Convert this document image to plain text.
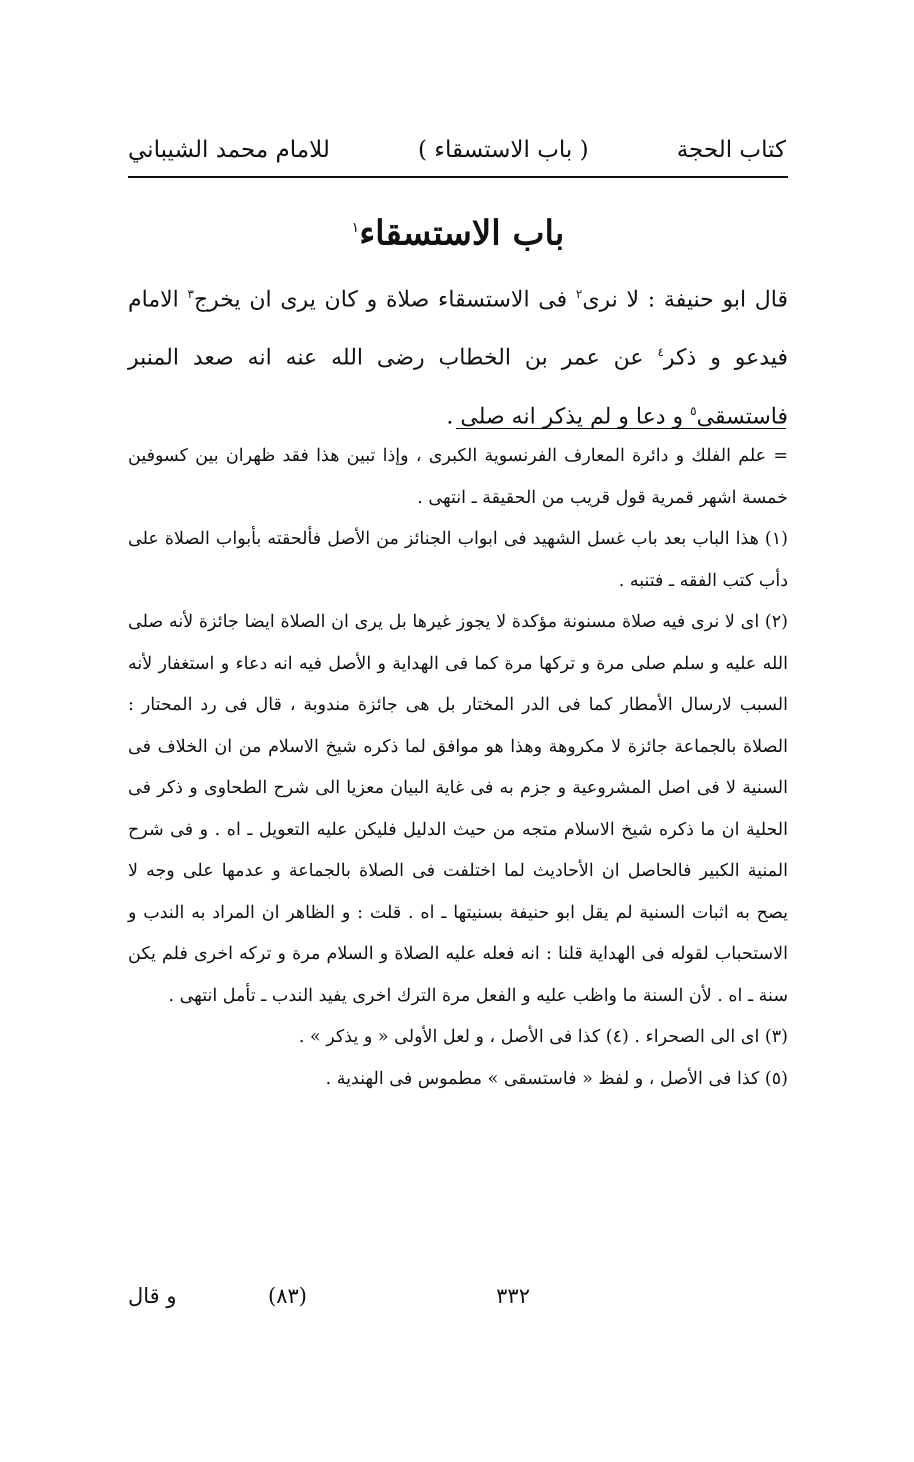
كتاب الحجة
( باب الاستسقاء )
للامام محمد الشيباني
باب الاستسقاء$^١$

قال ابو حنيفة : لا نرى$^٢$ فى الاستسقاء صلاة و كان يرى ان يخرج$^٣$ الامام فيدعو و ذكر$^٤$ عن عمر بن الخطاب رضى الله عنه انه صعد المنبر فاستسقى$^٥$ و دعا و لم يذكر انه صلى .

= علم الفلك و دائرة المعارف الفرنسوية الكبرى ، وإذا تبين هذا فقد ظهران بين كسوفين خمسة اشهر قمرية قول قريب من الحقيقة ـ انتهى .

(١) هذا الباب بعد باب غسل الشهيد فى ابواب الجنائز من الأصل فألحقته بأبواب الصلاة على دأب كتب الفقه ـ فتنبه .

(٢) اى لا نرى فيه صلاة مسنونة مؤكدة لا يجوز غيرها بل يرى ان الصلاة ايضا جائزة لأنه صلى الله عليه و سلم صلى مرة و تركها مرة كما فى الهداية و الأصل فيه انه دعاء و استغفار لأنه السبب لارسال الأمطار كما فى الدر المختار بل هى جائزة مندوبة ، قال فى رد المحتار : الصلاة بالجماعة جائزة لا مكروهة وهذا هو موافق لما ذكره شيخ الاسلام من ان الخلاف فى السنية لا فى اصل المشروعية و جزم به فى غاية البيان معزيا الى شرح الطحاوى و ذكر فى الحلية ان ما ذكره شيخ الاسلام متجه من حيث الدليل فليكن عليه التعويل ـ اه . و فى شرح المنية الكبير فالحاصل ان الأحاديث لما اختلفت فى الصلاة بالجماعة و عدمها على وجه لا يصح به اثبات السنية لم يقل ابو حنيفة بسنيتها ـ اه . قلت : و الظاهر ان المراد به الندب و الاستحباب لقوله فى الهداية قلنا : انه فعله عليه الصلاة و السلام مرة و تركه اخرى فلم يكن سنة ـ اه . لأن السنة ما واظب عليه و الفعل مرة الترك اخرى يفيد الندب ـ تأمل انتهى .

(٣) اى الى الصحراء . (٤) كذا فى الأصل ، و لعل الأولى « و يذكر » .

(٥) كذا فى الأصل ، و لفظ « فاستسقى » مطموس فى الهندية .

٣٣٢
(٨٣)
و قال
